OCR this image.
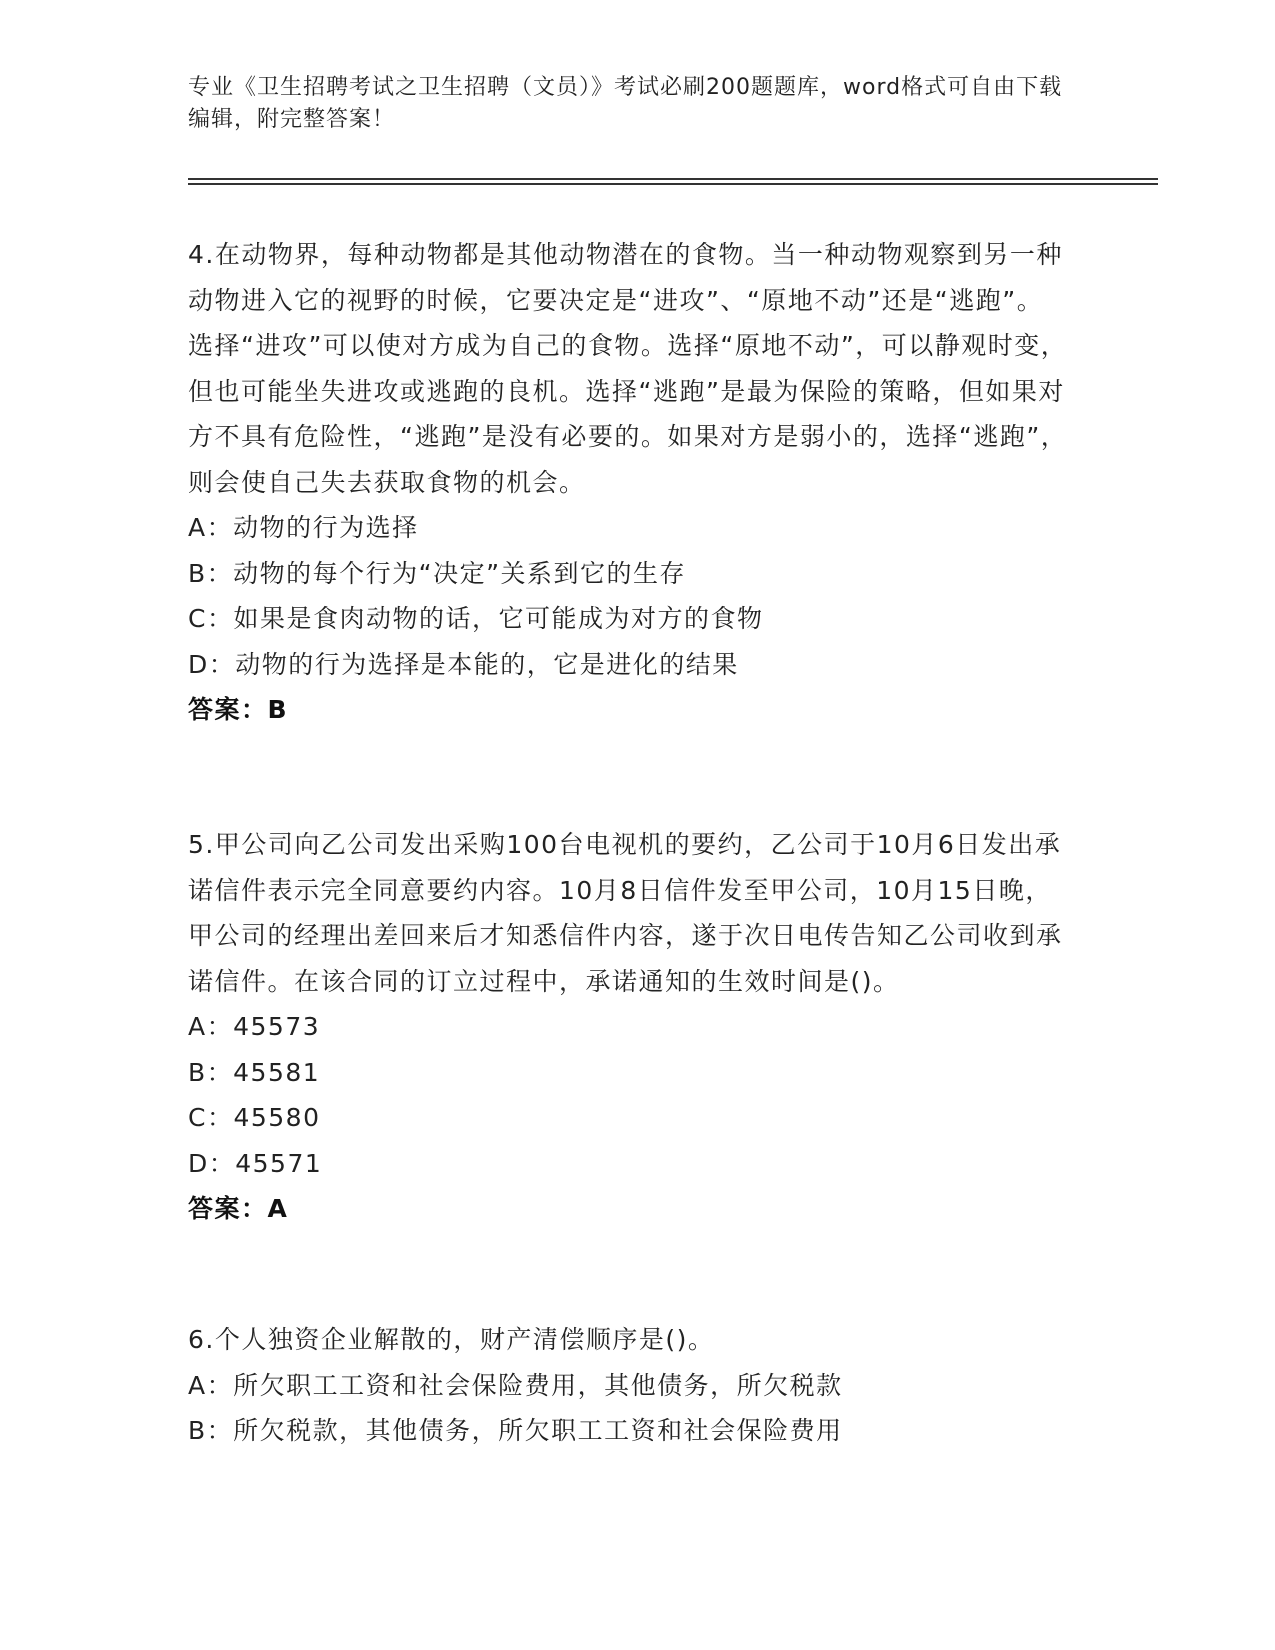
专业《卫生招聘考试之卫生招聘（文员）》考试必刷200题题库，word格式可自由下载编辑，附完整答案！

4.在动物界，每种动物都是其他动物潜在的食物。当一种动物观察到另一种动物进入它的视野的时候，它要决定是“进攻”、“原地不动”还是“逃跑”。选择“进攻”可以使对方成为自己的食物。选择“原地不动”，可以静观时变，但也可能坐失进攻或逃跑的良机。选择“逃跑”是最为保险的策略，但如果对方不具有危险性，“逃跑”是没有必要的。如果对方是弱小的，选择“逃跑”，则会使自己失去获取食物的机会。

A：动物的行为选择

B：动物的每个行为“决定”关系到它的生存

C：如果是食肉动物的话，它可能成为对方的食物

D：动物的行为选择是本能的，它是进化的结果

答案：B

5.甲公司向乙公司发出采购100台电视机的要约，乙公司于10月6日发出承诺信件表示完全同意要约内容。10月8日信件发至甲公司，10月15日晚，甲公司的经理出差回来后才知悉信件内容，遂于次日电传告知乙公司收到承诺信件。在该合同的订立过程中，承诺通知的生效时间是()。

A：45573

B：45581

C：45580

D：45571

答案：A

6.个人独资企业解散的，财产清偿顺序是()。

A：所欠职工工资和社会保险费用，其他债务，所欠税款

B：所欠税款，其他债务，所欠职工工资和社会保险费用
